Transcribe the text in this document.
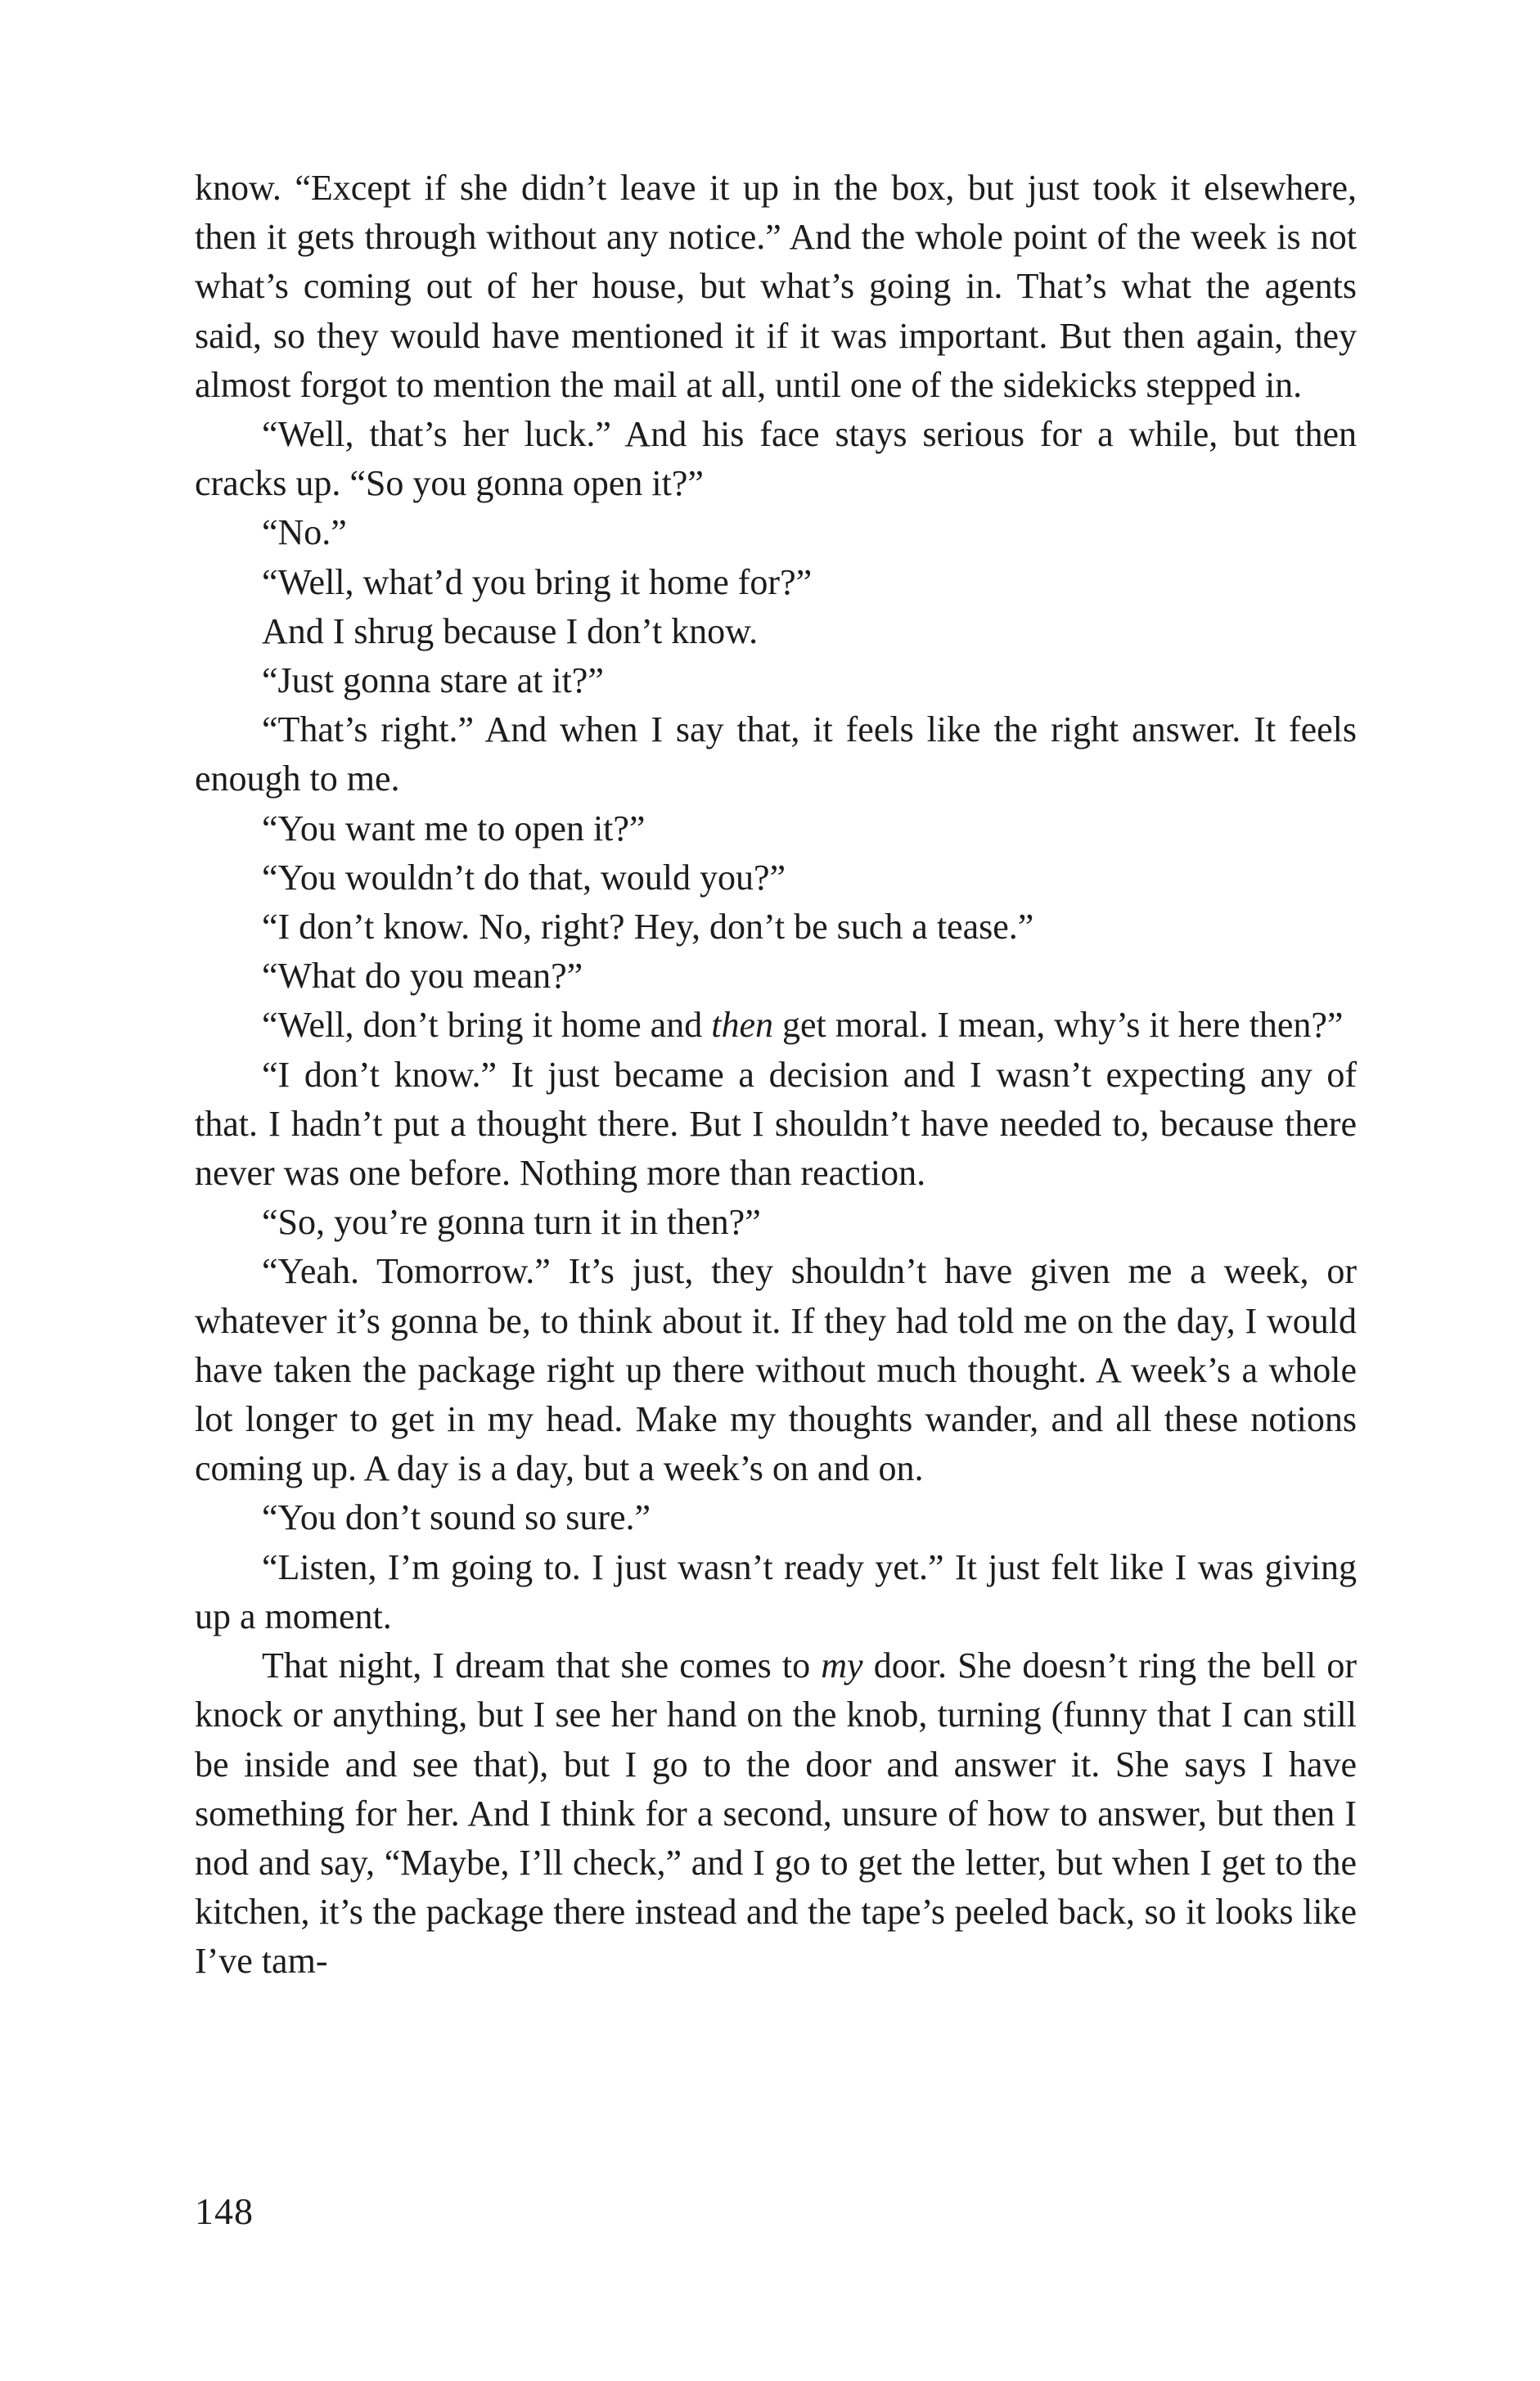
know. “Except if she didn’t leave it up in the box, but just took it elsewhere, then it gets through without any notice.” And the whole point of the week is not what’s coming out of her house, but what’s going in. That’s what the agents said, so they would have mentioned it if it was important. But then again, they almost forgot to mention the mail at all, until one of the sidekicks stepped in.

“Well, that’s her luck.” And his face stays serious for a while, but then cracks up. “So you gonna open it?”

“No.”

“Well, what’d you bring it home for?”

And I shrug because I don’t know.

“Just gonna stare at it?”

“That’s right.” And when I say that, it feels like the right answer. It feels enough to me.

“You want me to open it?”

“You wouldn’t do that, would you?”

“I don’t know. No, right? Hey, don’t be such a tease.”

“What do you mean?”

“Well, don’t bring it home and then get moral. I mean, why’s it here then?”

“I don’t know.” It just became a decision and I wasn’t expecting any of that. I hadn’t put a thought there. But I shouldn’t have needed to, because there never was one before. Nothing more than reaction.

“So, you’re gonna turn it in then?”

“Yeah. Tomorrow.” It’s just, they shouldn’t have given me a week, or whatever it’s gonna be, to think about it. If they had told me on the day, I would have taken the package right up there without much thought. A week’s a whole lot longer to get in my head. Make my thoughts wander, and all these notions coming up. A day is a day, but a week’s on and on.

“You don’t sound so sure.”

“Listen, I’m going to. I just wasn’t ready yet.” It just felt like I was giving up a moment.

That night, I dream that she comes to my door. She doesn’t ring the bell or knock or anything, but I see her hand on the knob, turning (funny that I can still be inside and see that), but I go to the door and answer it. She says I have something for her. And I think for a second, unsure of how to answer, but then I nod and say, “Maybe, I’ll check,” and I go to get the letter, but when I get to the kitchen, it’s the package there instead and the tape’s peeled back, so it looks like I’ve tam-

148
